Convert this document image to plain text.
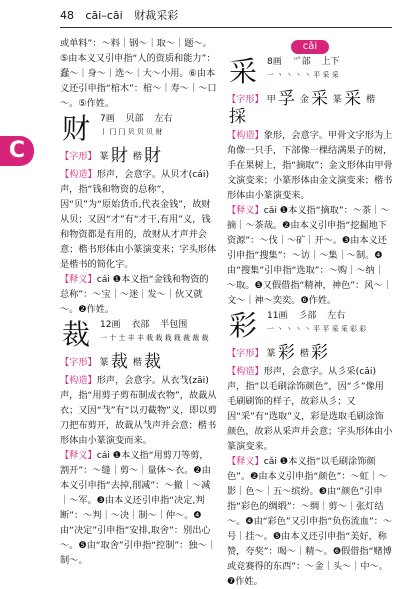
48 cāi–cāi 财裁采彩
C

或单料”：～料｜钢～｜取～｜题～。⑤由本义又引申指“人的资质和能力”：蠢～｜身～｜选～｜大～小用。⑥由本义还引申指“棺木”：棺～｜寿～｜～口～。⑤作姓。

财 7画 贝部 左右
丨 冂 冂 贝 贝 贝 财

【字形】 篆 財 楷 財

【构造】形声，会意字。从贝才(cái)声，指“钱和物资的总称”，因“贝”为“原始货币,代表金钱”，故财从贝；又因“才”有“才干,有用”义，钱和物资都是有用的，故财从才声并会意；楷书形体由小篆演变来；字头形体是楷书的简化字。

【释义】cái ❶本义指“金钱和物资的总称”：～宝｜～迷｜发～｜伙又就～。❷作姓。

裁 12画 衣部 半包围
一 十 土 丰 丰 栽 栽 栽 栽 裁 裁 裁

【字形】 篆 裁 楷 裁

【构造】形声，会意字。从衣𢦏(zāi)声，指“用剪子剪布制成衣物”，故裁从衣；又因“𢦏”有“以刃截物”义，即以剪刀把布剪开，故裁从𢦏声并会意；楷书形体由小篆演变而来。

【释义】cái ❶本义指“用剪刀等剪，割开”：～缝｜剪～｜量体～衣。❷由本义引申指“去掉,削减”：～撤｜～减｜～军。❸由本义还引申指“决定,判断”：～判｜～决｜制～｜仲～。❹由“决定”引申指“安排,取舍”：别出心～。❺由“取舍”引申指“控制”：独～｜制～。

cǎi
采 8画 爫部 上下
一 丶 丶 丶 丶 平 采 采

【字形】 甲 孚 金 采 篆 采 楷採

【构造】象形，会意字。甲骨文字形为上角像一只手，下部像一棵结满果子的树，手在果树上，指“摘取”；金文形体由甲骨文演变来；小篆形体由金文演变来；楷书形体由小篆演变来。

【释义】cǎi ❶本义指“摘取”：～茶｜～摘｜～茶哉。❷由本义引申指“挖掘地下资源”：～伐｜～矿｜开～。❸由本义还引申指“搜集”：～访｜～集｜～制。❹由“搜集”引申指“选取”：～购｜～纳｜～取。❺又假借指“精神，神色”：风～｜文～｜神～奕奕。❻作姓。

彩 11画 彡部 左右
一 丶 丶 丶 丶 平 平 采 采 彩 彩

【字形】 篆 彩 楷 彩

【构造】形声，会意字。从彡采(cǎi)声，指“以毛刷涂饰颜色”，因“彡”像用毛刷刷饰的样子，故彩从彡；又因“采”有“选取”义，彩是选取毛刷涂饰颜色，故彩从采声并会意；字头形体由小篆演变来。

【释义】cǎi ❶本义指“以毛刷涂饰颜色”。❷由本义引申指“颜色”：～虹｜～影｜色～｜五～缤纷。❸由“颜色”引申指“彩色的绸缎”：～绸｜剪～｜张灯结～。❹由“彩色”又引申指“负伤流血”：～号｜挂～。❺由本义还引申指“美好，称赞，夸奖”：喝～｜精～。❻假借指“赌博或竞赛得的东西”：～金｜头～｜中～。❼作姓。
